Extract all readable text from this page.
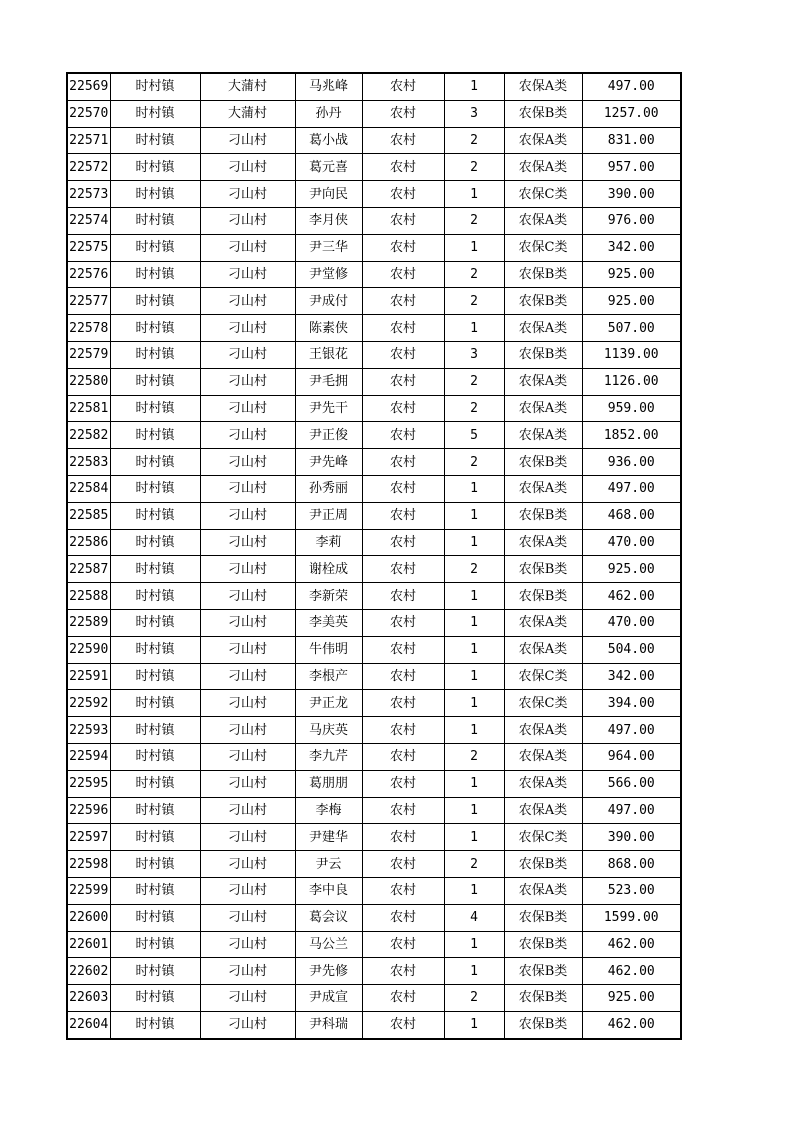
22569	时村镇	大蒲村	马兆峰	农村	1	农保A类	497.00
22570	时村镇	大蒲村	孙丹	农村	3	农保B类	1257.00
22571	时村镇	刁山村	葛小战	农村	2	农保A类	831.00
22572	时村镇	刁山村	葛元喜	农村	2	农保A类	957.00
22573	时村镇	刁山村	尹向民	农村	1	农保C类	390.00
22574	时村镇	刁山村	李月侠	农村	2	农保A类	976.00
22575	时村镇	刁山村	尹三华	农村	1	农保C类	342.00
22576	时村镇	刁山村	尹堂修	农村	2	农保B类	925.00
22577	时村镇	刁山村	尹成付	农村	2	农保B类	925.00
22578	时村镇	刁山村	陈素侠	农村	1	农保A类	507.00
22579	时村镇	刁山村	王银花	农村	3	农保B类	1139.00
22580	时村镇	刁山村	尹毛拥	农村	2	农保A类	1126.00
22581	时村镇	刁山村	尹先干	农村	2	农保A类	959.00
22582	时村镇	刁山村	尹正俊	农村	5	农保A类	1852.00
22583	时村镇	刁山村	尹先峰	农村	2	农保B类	936.00
22584	时村镇	刁山村	孙秀丽	农村	1	农保A类	497.00
22585	时村镇	刁山村	尹正周	农村	1	农保B类	468.00
22586	时村镇	刁山村	李莉	农村	1	农保A类	470.00
22587	时村镇	刁山村	谢栓成	农村	2	农保B类	925.00
22588	时村镇	刁山村	李新荣	农村	1	农保B类	462.00
22589	时村镇	刁山村	李美英	农村	1	农保A类	470.00
22590	时村镇	刁山村	牛伟明	农村	1	农保A类	504.00
22591	时村镇	刁山村	李根产	农村	1	农保C类	342.00
22592	时村镇	刁山村	尹正龙	农村	1	农保C类	394.00
22593	时村镇	刁山村	马庆英	农村	1	农保A类	497.00
22594	时村镇	刁山村	李九芹	农村	2	农保A类	964.00
22595	时村镇	刁山村	葛朋朋	农村	1	农保A类	566.00
22596	时村镇	刁山村	李梅	农村	1	农保A类	497.00
22597	时村镇	刁山村	尹建华	农村	1	农保C类	390.00
22598	时村镇	刁山村	尹云	农村	2	农保B类	868.00
22599	时村镇	刁山村	李中良	农村	1	农保A类	523.00
22600	时村镇	刁山村	葛会议	农村	4	农保B类	1599.00
22601	时村镇	刁山村	马公兰	农村	1	农保B类	462.00
22602	时村镇	刁山村	尹先修	农村	1	农保B类	462.00
22603	时村镇	刁山村	尹成宣	农村	2	农保B类	925.00
22604	时村镇	刁山村	尹科瑞	农村	1	农保B类	462.00
